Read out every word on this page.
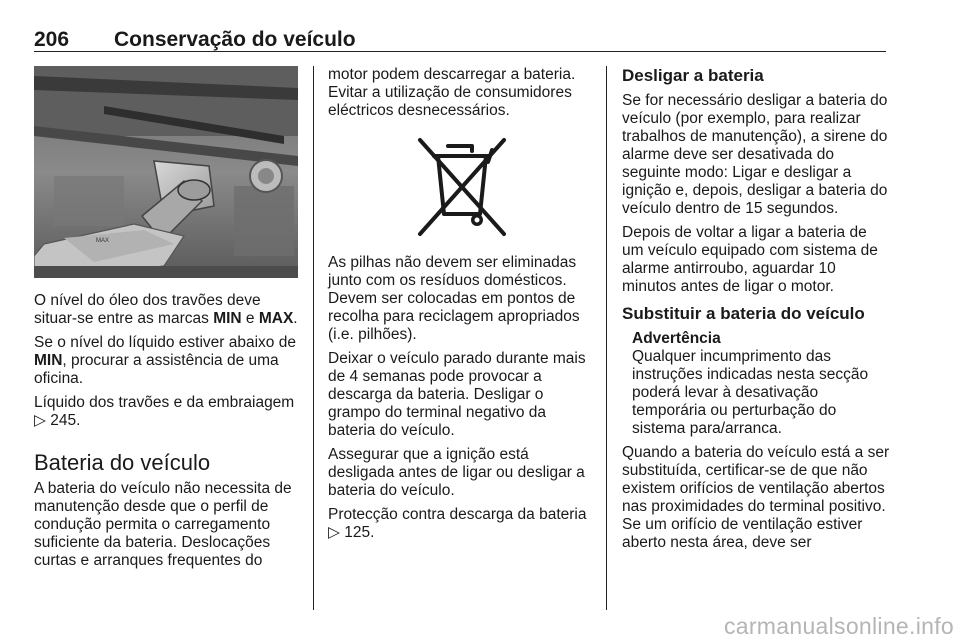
206 Conservação do veículo
MAX

O nível do óleo dos travões deve situar-se entre as marcas MIN e MAX.

Se o nível do líquido estiver abaixo de MIN, procurar a assistência de uma oficina.

Líquido dos travões e da embraiagem ▷ 245.

Bateria do veículo

A bateria do veículo não necessita de manutenção desde que o perfil de condução permita o carregamento suficiente da bateria. Deslocações curtas e arranques frequentes do

motor podem descarregar a bateria. Evitar a utilização de consumidores eléctricos desnecessários.

As pilhas não devem ser eliminadas junto com os resíduos domésticos. Devem ser colocadas em pontos de recolha para reciclagem apropriados (i.e. pilhões).

Deixar o veículo parado durante mais de 4 semanas pode provocar a descarga da bateria. Desligar o grampo do terminal negativo da bateria do veículo.

Assegurar que a ignição está desligada antes de ligar ou desligar a bateria do veículo.

Protecção contra descarga da bateria ▷ 125.

Desligar a bateria

Se for necessário desligar a bateria do veículo (por exemplo, para realizar trabalhos de manutenção), a sirene do alarme deve ser desativada do seguinte modo: Ligar e desligar a ignição e, depois, desligar a bateria do veículo dentro de 15 segundos.

Depois de voltar a ligar a bateria de um veículo equipado com sistema de alarme antirroubo, aguardar 10 minutos antes de ligar o motor.

Substituir a bateria do veículo
Advertência
Qualquer incumprimento das instruções indicadas nesta secção poderá levar à desativação temporária ou perturbação do sistema para/arranca.

Quando a bateria do veículo está a ser substituída, certificar-se de que não existem orifícios de ventilação abertos nas proximidades do terminal positivo. Se um orifício de ventilação estiver aberto nesta área, deve ser

carmanualsonline.info
